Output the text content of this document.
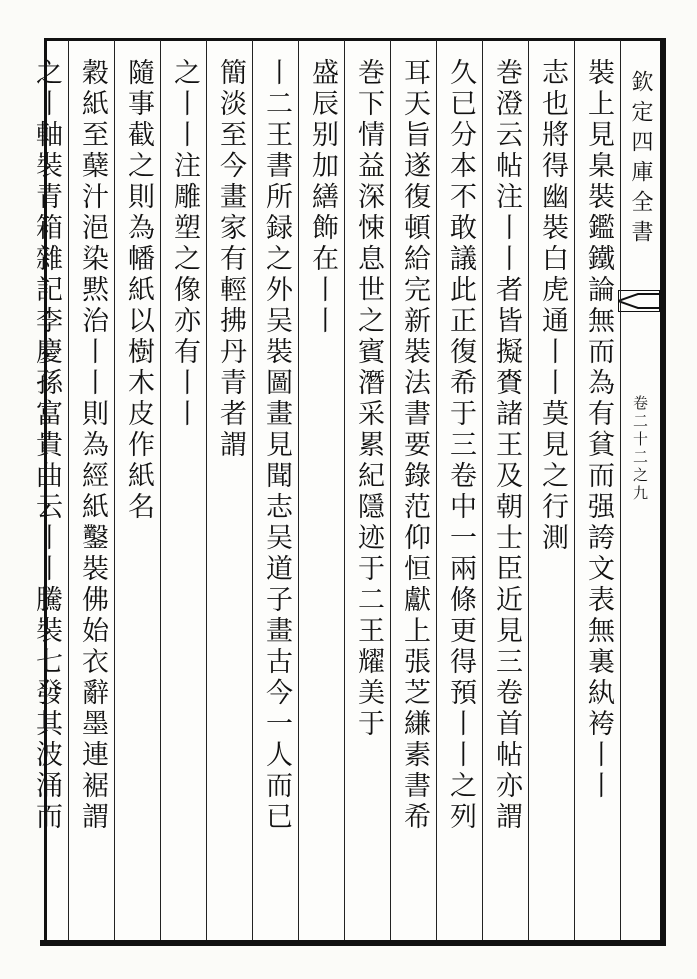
欽定四庫全書
卷二十二之九
裝上見臬裝鑑鐵論無而為有貧而强誇文表無裏紈袴丨丨
志也將得幽裝白虎通丨丨莫見之行測
巻澄云帖注丨丨者皆擬賚諸王及朝士臣近見三卷首帖亦謂
久已分本不敢議此正復希于三卷中一兩條更得預丨丨之列
耳天旨遂復頓給完新裝法書要錄范仰恒獻上張芝縑素書希
巻下情益深悚息世之賓潛采累紀隱迹于二王耀美于
盛辰别加繕飾在丨丨
丨二王書所録之外吴裝圖畫見聞志吴道子畫古今一人而已
簡淡至今畫家有輕拂丹青者謂
之丨丨注雕塑之像亦有丨丨
隨事截之則為幡紙以樹木皮作紙名
穀紙至蘖汁浥染黙治丨丨則為經紙鑿裝佛始衣辭墨連裾謂
之丨軸裝青箱雜記李慶孫富貴曲云丨丨騰裝七發其波涌而
